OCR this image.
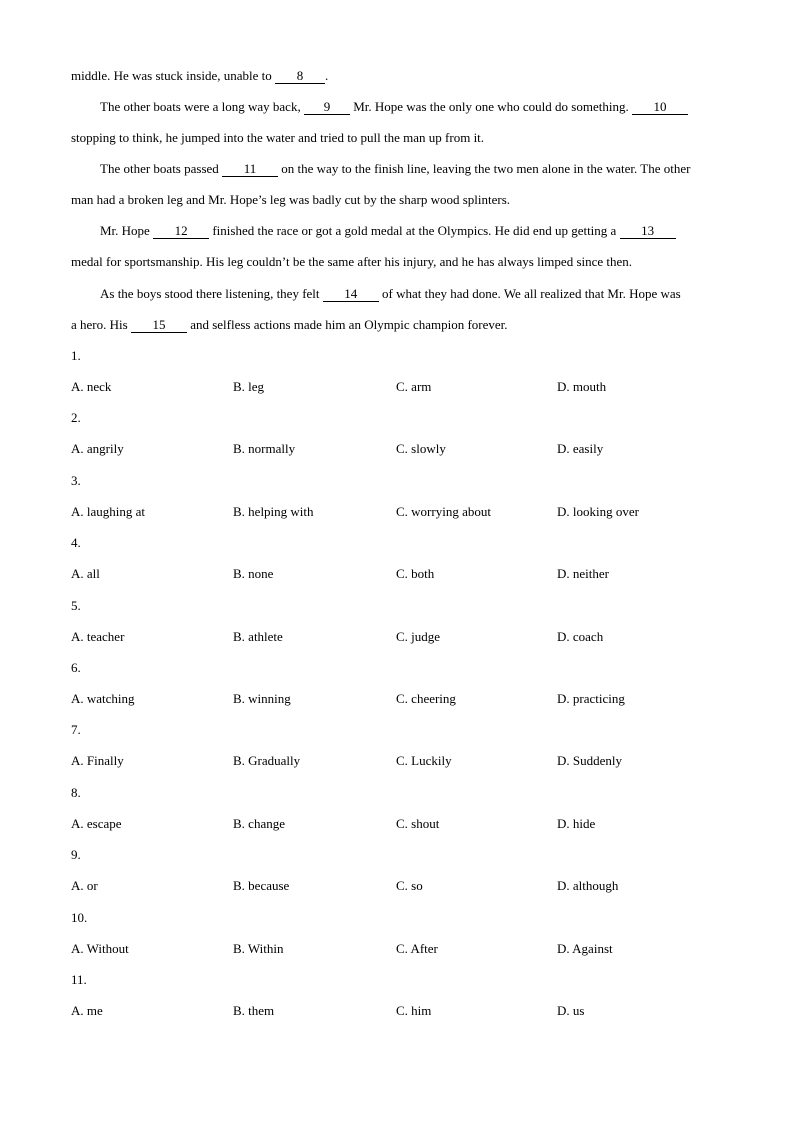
middle. He was stuck inside, unable to 8 .
The other boats were a long way back, 9 Mr. Hope was the only one who could do something. 10
stopping to think, he jumped into the water and tried to pull the man up from it.
The other boats passed 11 on the way to the finish line, leaving the two men alone in the water. The other
man had a broken leg and Mr. Hope’s leg was badly cut by the sharp wood splinters.
Mr. Hope 12 finished the race or got a gold medal at the Olympics. He did end up getting a 13
medal for sportsmanship. His leg couldn’t be the same after his injury, and he has always limped since then.
As the boys stood there listening, they felt 14 of what they had done. We all realized that Mr. Hope was
a hero. His 15 and selfless actions made him an Olympic champion forever.
1.
A. neck	B. leg	C. arm	D. mouth
2.
A. angrily	B. normally	C. slowly	D. easily
3.
A. laughing at	B. helping with	C. worrying about	D. looking over
4.
A. all	B. none	C. both	D. neither
5.
A. teacher	B. athlete	C. judge	D. coach
6.
A. watching	B. winning	C. cheering	D. practicing
7.
A. Finally	B. Gradually	C. Luckily	D. Suddenly
8.
A. escape	B. change	C. shout	D. hide
9.
A. or	B. because	C. so	D. although
10.
A. Without	B. Within	C. After	D. Against
11.
A. me	B. them	C. him	D. us
